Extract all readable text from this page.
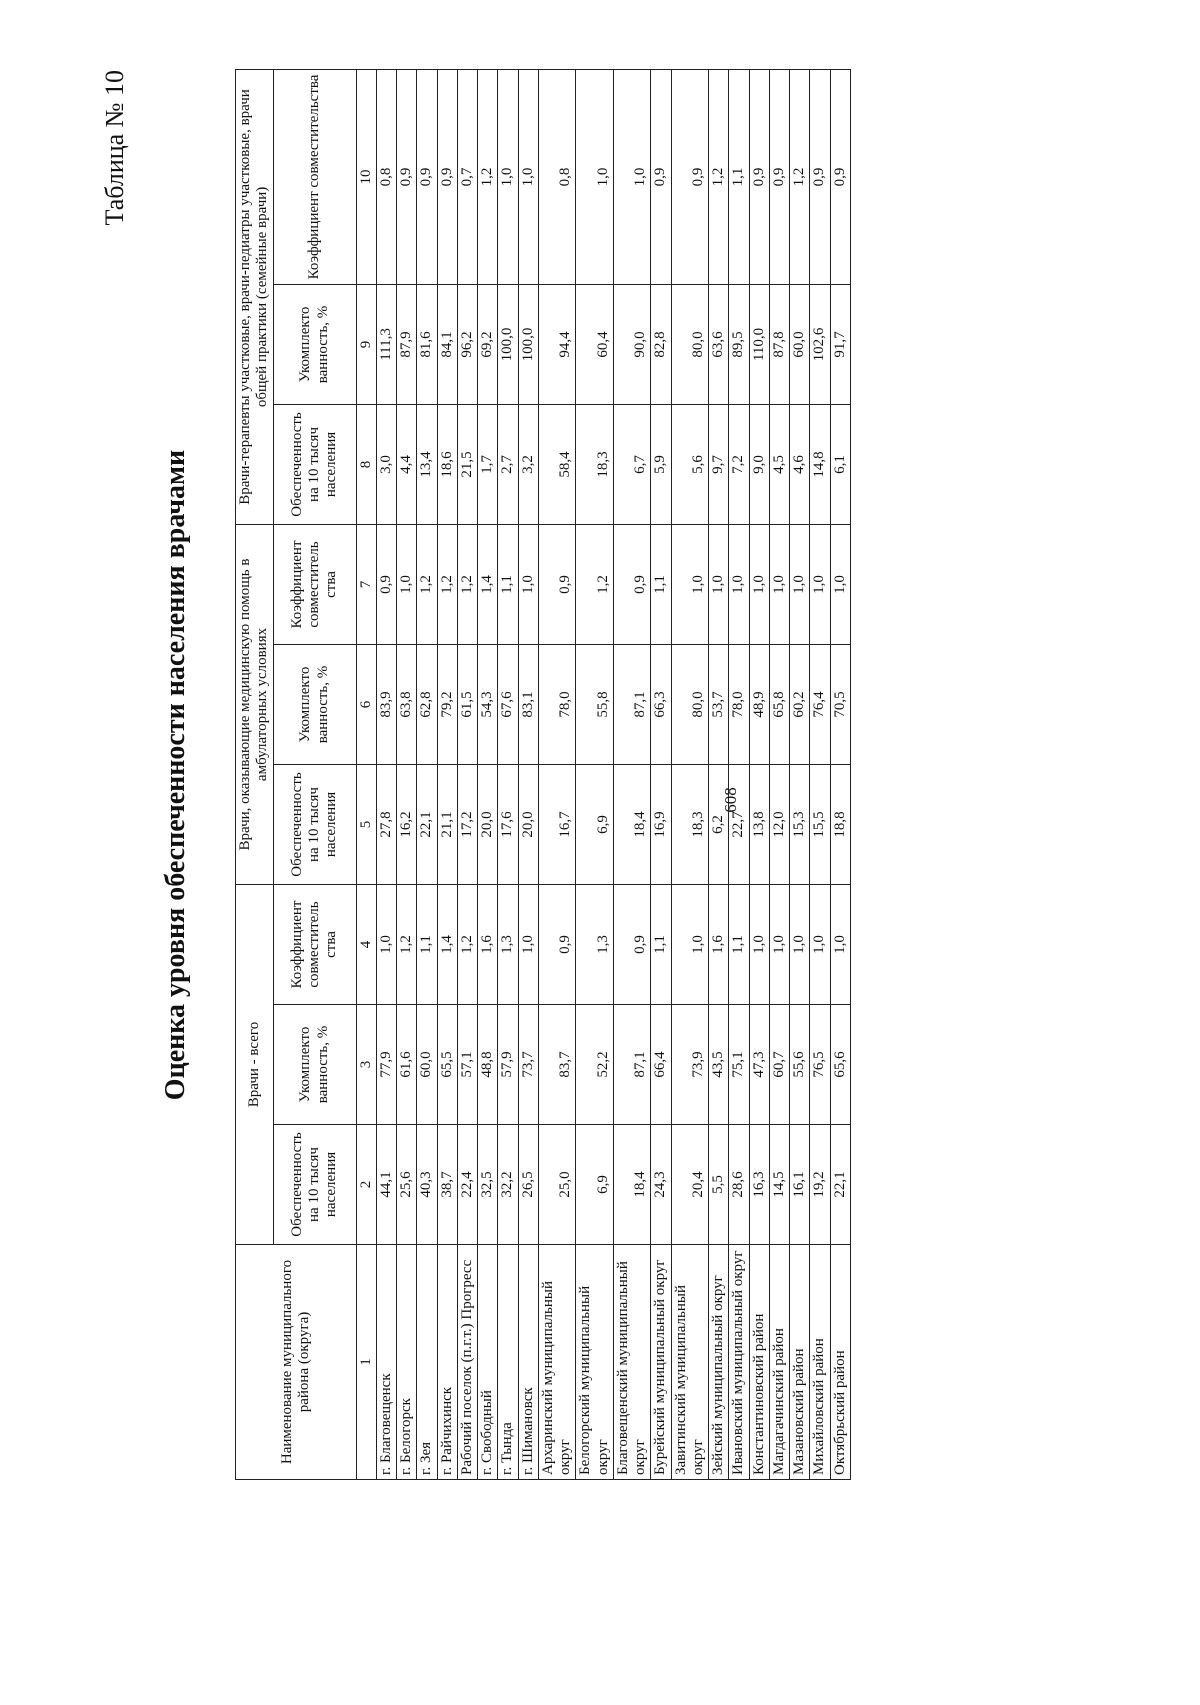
608
Таблица № 10
Оценка уровня обеспеченности населения врачами
Наименование муниципального района (округа)	Врачи - всего			Врачи, оказывающие медицинскую помощь в амбулаторных условиях			Врачи-терапевты участковые, врачи-педиатры участковые, врачи общей практики (семейные врачи)		
	Обеспеченность на 10 тысяч населения	Укомплекто ванность, %	Коэффициент совместитель ства	Обеспеченность на 10 тысяч населения	Укомплекто ванность, %	Коэффициент совместитель ства	Обеспеченность на 10 тысяч населения	Укомплекто ванность, %	Коэффициент совместительства
1	2	3	4	5	6	7	8	9	10
г. Благовещенск	44,1	77,9	1,0	27,8	83,9	0,9	3,0	111,3	0,8
г. Белогорск	25,6	61,6	1,2	16,2	63,8	1,0	4,4	87,9	0,9
г. Зея	40,3	60,0	1,1	22,1	62,8	1,2	13,4	81,6	0,9
г. Райчихинск	38,7	65,5	1,4	21,1	79,2	1,2	18,6	84,1	0,9
Рабочий поселок (п.г.т.) Прогресс	22,4	57,1	1,2	17,2	61,5	1,2	21,5	96,2	0,7
г. Свободный	32,5	48,8	1,6	20,0	54,3	1,4	1,7	69,2	1,2
г. Тында	32,2	57,9	1,3	17,6	67,6	1,1	2,7	100,0	1,0
г. Шимановск	26,5	73,7	1,0	20,0	83,1	1,0	3,2	100,0	1,0
Архаринский муниципальный округ	25,0	83,7	0,9	16,7	78,0	0,9	58,4	94,4	0,8
Белогорский муниципальный округ	6,9	52,2	1,3	6,9	55,8	1,2	18,3	60,4	1,0
Благовещенский муниципальный округ	18,4	87,1	0,9	18,4	87,1	0,9	6,7	90,0	1,0
Бурейский муниципальный округ	24,3	66,4	1,1	16,9	66,3	1,1	5,9	82,8	0,9
Завитинский муниципальный округ	20,4	73,9	1,0	18,3	80,0	1,0	5,6	80,0	0,9
Зейский муниципальный округ	5,5	43,5	1,6	6,2	53,7	1,0	9,7	63,6	1,2
Ивановский муниципальный округ	28,6	75,1	1,1	22,7	78,0	1,0	7,2	89,5	1,1
Константиновский район	16,3	47,3	1,0	13,8	48,9	1,0	9,0	110,0	0,9
Магдагачинский район	14,5	60,7	1,0	12,0	65,8	1,0	4,5	87,8	0,9
Мазановский район	16,1	55,6	1,0	15,3	60,2	1,0	4,6	60,0	1,2
Михайловский район	19,2	76,5	1,0	15,5	76,4	1,0	14,8	102,6	0,9
Октябрьский район	22,1	65,6	1,0	18,8	70,5	1,0	6,1	91,7	0,9
